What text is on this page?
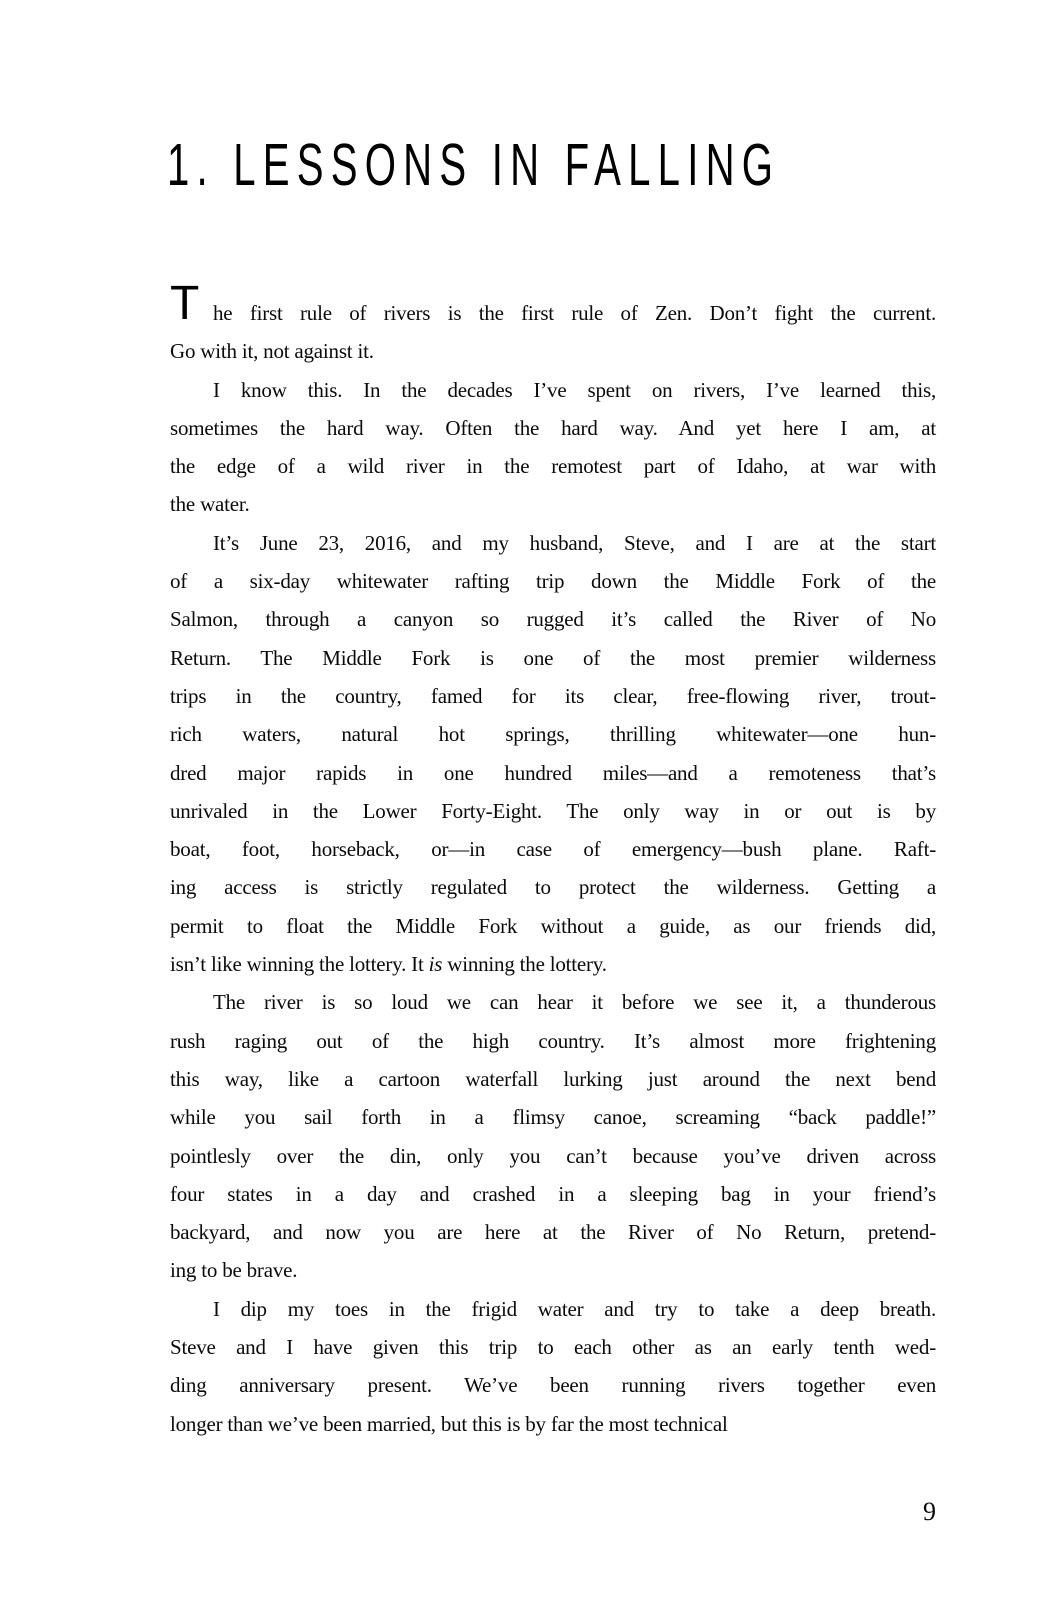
1. LESSONS IN FALLING
T he first rule of rivers is the first rule of Zen. Don’t fight the current.
Go with it, not against it.
I know this. In the decades I’ve spent on rivers, I’ve learned this,
sometimes the hard way. Often the hard way. And yet here I am, at
the edge of a wild river in the remotest part of Idaho, at war with
the water.
It’s June 23, 2016, and my husband, Steve, and I are at the start
of a six-day whitewater rafting trip down the Middle Fork of the
Salmon, through a canyon so rugged it’s called the River of No
Return. The Middle Fork is one of the most premier wilderness
trips in the country, famed for its clear, free-flowing river, trout-
rich waters, natural hot springs, thrilling whitewater—one hun-
dred major rapids in one hundred miles—and a remoteness that’s
unrivaled in the Lower Forty-Eight. The only way in or out is by
boat, foot, horseback, or—in case of emergency—bush plane. Raft-
ing access is strictly regulated to protect the wilderness. Getting a
permit to float the Middle Fork without a guide, as our friends did,
isn’t like winning the lottery. It is winning the lottery.
The river is so loud we can hear it before we see it, a thunderous
rush raging out of the high country. It’s almost more frightening
this way, like a cartoon waterfall lurking just around the next bend
while you sail forth in a flimsy canoe, screaming “back paddle!”
pointlesly over the din, only you can’t because you’ve driven across
four states in a day and crashed in a sleeping bag in your friend’s
backyard, and now you are here at the River of No Return, pretend-
ing to be brave.
I dip my toes in the frigid water and try to take a deep breath.
Steve and I have given this trip to each other as an early tenth wed-
ding anniversary present. We’ve been running rivers together even
longer than we’ve been married, but this is by far the most technical
9
